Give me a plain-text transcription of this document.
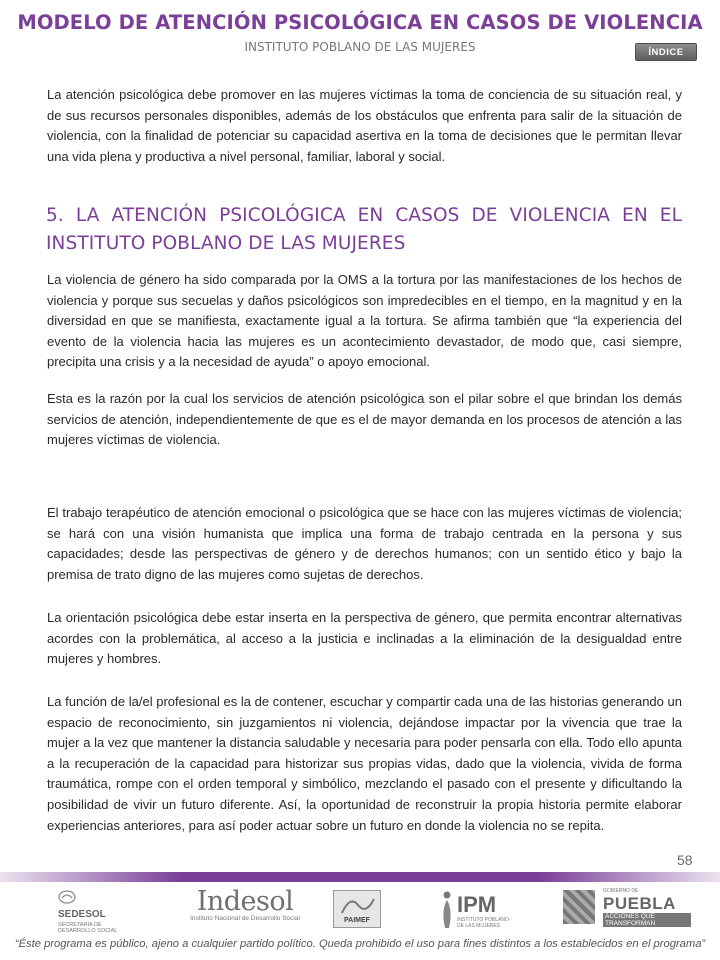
MODELO DE ATENCIÓN PSICOLÓGICA EN CASOS DE VIOLENCIA
INSTITUTO POBLANO DE LAS MUJERES	ÍNDICE

La atención psicológica debe promover en las mujeres víctimas la toma de conciencia de su situación real, y de sus recursos personales disponibles, además de los obstáculos que enfrenta para salir de la situación de violencia, con la finalidad de potenciar su capacidad asertiva en la toma de decisiones que le permitan llevar una vida plena y productiva a nivel personal, familiar, laboral y social.

5. LA ATENCIÓN PSICOLÓGICA EN CASOS DE VIOLENCIA EN EL INSTITUTO POBLANO DE LAS MUJERES

La violencia de género ha sido comparada por la OMS a la tortura por las manifestaciones de los hechos de violencia y porque sus secuelas y daños psicológicos son impredecibles en el tiempo, en la magnitud y en la diversidad en que se manifiesta, exactamente igual a la tortura. Se afirma también que “la experiencia del evento de la violencia hacia las mujeres es un acontecimiento devastador, de modo que, casi siempre, precipita una crisis y a la necesidad de ayuda” o apoyo emocional.

Esta es la razón por la cual los servicios de atención psicológica son el pilar sobre el que brindan los demás servicios de atención, independientemente de que es el de mayor demanda en los procesos de atención a las mujeres víctimas de violencia.

El trabajo terapéutico de atención emocional o psicológica que se hace con las mujeres víctimas de violencia; se hará con una visión humanista que implica una forma de trabajo centrada en la persona y sus capacidades; desde las perspectivas de género y de derechos humanos; con un sentido ético y bajo la premisa de trato digno de las mujeres como sujetas de derechos.

La orientación psicológica debe estar inserta en la perspectiva de género, que permita encontrar alternativas acordes con la problemática, al acceso a la justicia e inclinadas a la eliminación de la desigualdad entre mujeres y hombres.

La función de la/el profesional es la de contener, escuchar y compartir cada una de las historias generando un espacio de reconocimiento, sin juzgamientos ni violencia, dejándose impactar por la vivencia que trae la mujer a la vez que mantener la distancia saludable y necesaria para poder pensarla con ella. Todo ello apunta a la recuperación de la capacidad para historizar sus propias vidas, dado que la violencia, vivida de forma traumática, rompe con el orden temporal y simbólico, mezclando el pasado con el presente y dificultando la posibilidad de vivir un futuro diferente. Así, la oportunidad de reconstruir la propia historia permite elaborar experiencias anteriores, para así poder actuar sobre un futuro en donde la violencia no se repita.

58
SEDESOL
SECRETARÍA DE DESARROLLO SOCIAL
Indesol
Instituto Nacional de Desarrollo Social	PAIMEF
IPM
INSTITUTO POBLANO DE LAS MUJERES
GOBIERNO DE
PUEBLA
ACCIONES QUE TRANSFORMAN
“Éste programa es público, ajeno a cualquier partido político. Queda prohibido el uso para fines distintos a los establecidos en el programa”
